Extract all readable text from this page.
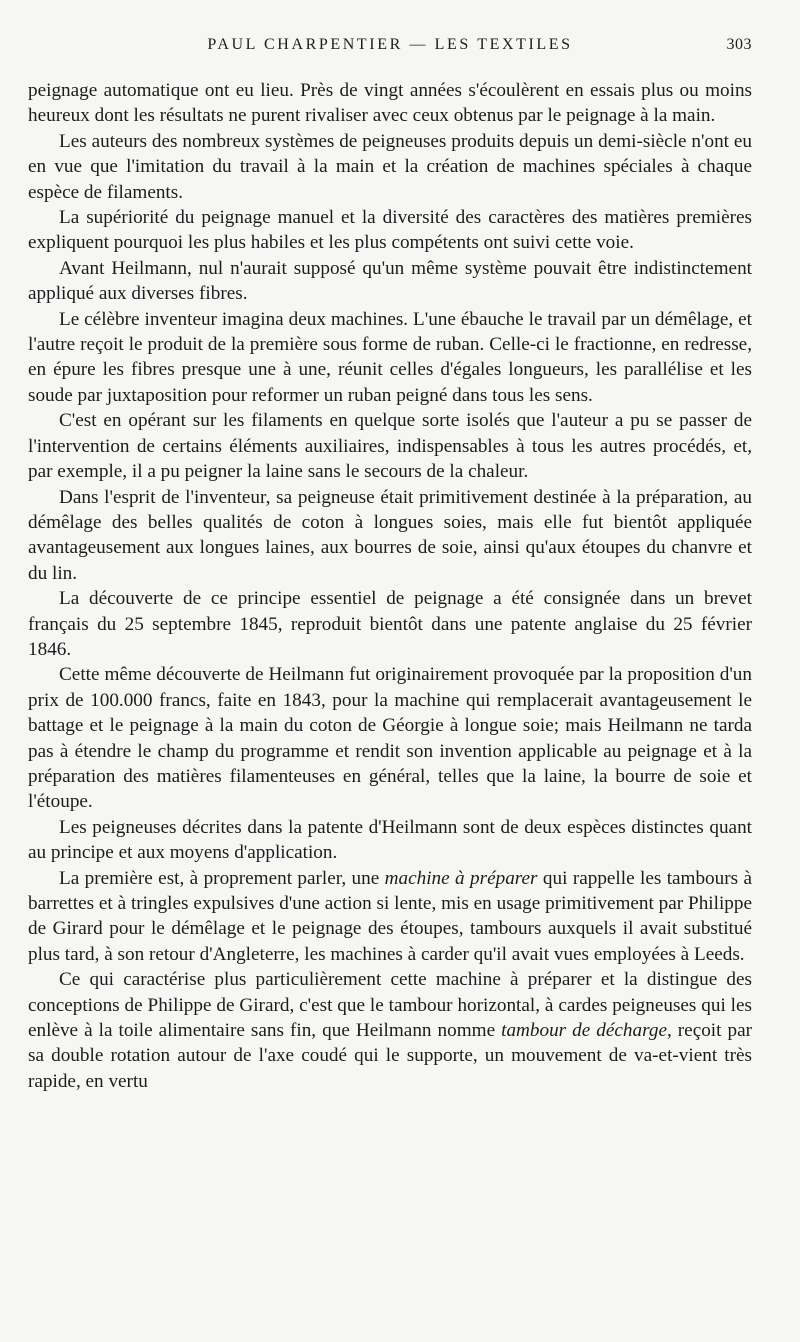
PAUL CHARPENTIER — LES TEXTILES	303

peignage automatique ont eu lieu. Près de vingt années s'écoulèrent en essais plus ou moins heureux dont les résultats ne purent rivaliser avec ceux obtenus par le peignage à la main.

Les auteurs des nombreux systèmes de peigneuses produits depuis un demi-siècle n'ont eu en vue que l'imitation du travail à la main et la création de machines spéciales à chaque espèce de filaments.

La supériorité du peignage manuel et la diversité des caractères des matières premières expliquent pourquoi les plus habiles et les plus compétents ont suivi cette voie.

Avant Heilmann, nul n'aurait supposé qu'un même système pouvait être indistinctement appliqué aux diverses fibres.

Le célèbre inventeur imagina deux machines. L'une ébauche le travail par un démêlage, et l'autre reçoit le produit de la première sous forme de ruban. Celle-ci le fractionne, en redresse, en épure les fibres presque une à une, réunit celles d'égales longueurs, les parallélise et les soude par juxtaposition pour reformer un ruban peigné dans tous les sens.

C'est en opérant sur les filaments en quelque sorte isolés que l'auteur a pu se passer de l'intervention de certains éléments auxiliaires, indispensables à tous les autres procédés, et, par exemple, il a pu peigner la laine sans le secours de la chaleur.

Dans l'esprit de l'inventeur, sa peigneuse était primitivement destinée à la préparation, au démêlage des belles qualités de coton à longues soies, mais elle fut bientôt appliquée avantageusement aux longues laines, aux bourres de soie, ainsi qu'aux étoupes du chanvre et du lin.

La découverte de ce principe essentiel de peignage a été consignée dans un brevet français du 25 septembre 1845, reproduit bientôt dans une patente anglaise du 25 février 1846.

Cette même découverte de Heilmann fut originairement provoquée par la proposition d'un prix de 100.000 francs, faite en 1843, pour la machine qui remplacerait avantageusement le battage et le peignage à la main du coton de Géorgie à longue soie; mais Heilmann ne tarda pas à étendre le champ du programme et rendit son invention applicable au peignage et à la préparation des matières filamenteuses en général, telles que la laine, la bourre de soie et l'étoupe.

Les peigneuses décrites dans la patente d'Heilmann sont de deux espèces distinctes quant au principe et aux moyens d'application.

La première est, à proprement parler, une machine à préparer qui rappelle les tambours à barrettes et à tringles expulsives d'une action si lente, mis en usage primitivement par Philippe de Girard pour le démêlage et le peignage des étoupes, tambours auxquels il avait substitué plus tard, à son retour d'Angleterre, les machines à carder qu'il avait vues employées à Leeds.

Ce qui caractérise plus particulièrement cette machine à préparer et la distingue des conceptions de Philippe de Girard, c'est que le tambour horizontal, à cardes peigneuses qui les enlève à la toile alimentaire sans fin, que Heilmann nomme tambour de décharge, reçoit par sa double rotation autour de l'axe coudé qui le supporte, un mouvement de va-et-vient très rapide, en vertu
